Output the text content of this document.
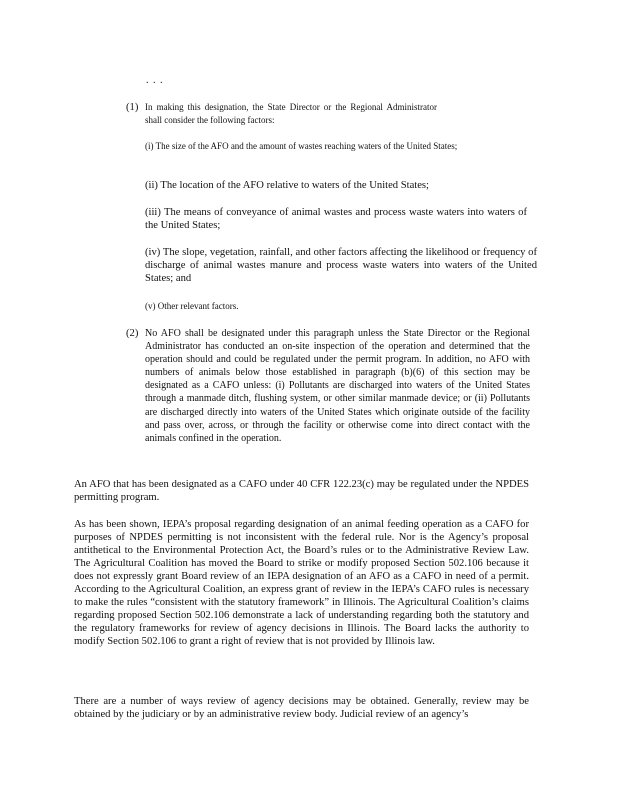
. . .
(1) In making this designation, the State Director or the Regional Administrator shall consider the following factors:

(i) The size of the AFO and the amount of wastes reaching waters of the United States;

(ii) The location of the AFO relative to waters of the United States;

(iii) The means of conveyance of animal wastes and process waste waters into waters of the United States;

(iv) The slope, vegetation, rainfall, and other factors affecting the likelihood or frequency of discharge of animal wastes manure and process waste waters into waters of the United States; and

(v) Other relevant factors.

(2) No AFO shall be designated under this paragraph unless the State Director or the Regional Administrator has conducted an on-site inspection of the operation and determined that the operation should and could be regulated under the permit program. In addition, no AFO with numbers of animals below those established in paragraph (b)(6) of this section may be designated as a CAFO unless: (i) Pollutants are discharged into waters of the United States through a manmade ditch, flushing system, or other similar manmade device; or (ii) Pollutants are discharged directly into waters of the United States which originate outside of the facility and pass over, across, or through the facility or otherwise come into direct contact with the animals confined in the operation.

An AFO that has been designated as a CAFO under 40 CFR 122.23(c) may be regulated under the NPDES permitting program.

As has been shown, IEPA’s proposal regarding designation of an animal feeding operation as a CAFO for purposes of NPDES permitting is not inconsistent with the federal rule. Nor is the Agency’s proposal antithetical to the Environmental Protection Act, the Board’s rules or to the Administrative Review Law. The Agricultural Coalition has moved the Board to strike or modify proposed Section 502.106 because it does not expressly grant Board review of an IEPA designation of an AFO as a CAFO in need of a permit. According to the Agricultural Coalition, an express grant of review in the IEPA’s CAFO rules is necessary to make the rules “consistent with the statutory framework” in Illinois. The Agricultural Coalition’s claims regarding proposed Section 502.106 demonstrate a lack of understanding regarding both the statutory and the regulatory frameworks for review of agency decisions in Illinois. The Board lacks the authority to modify Section 502.106 to grant a right of review that is not provided by Illinois law.

There are a number of ways review of agency decisions may be obtained. Generally, review may be obtained by the judiciary or by an administrative review body. Judicial review of an agency’s
